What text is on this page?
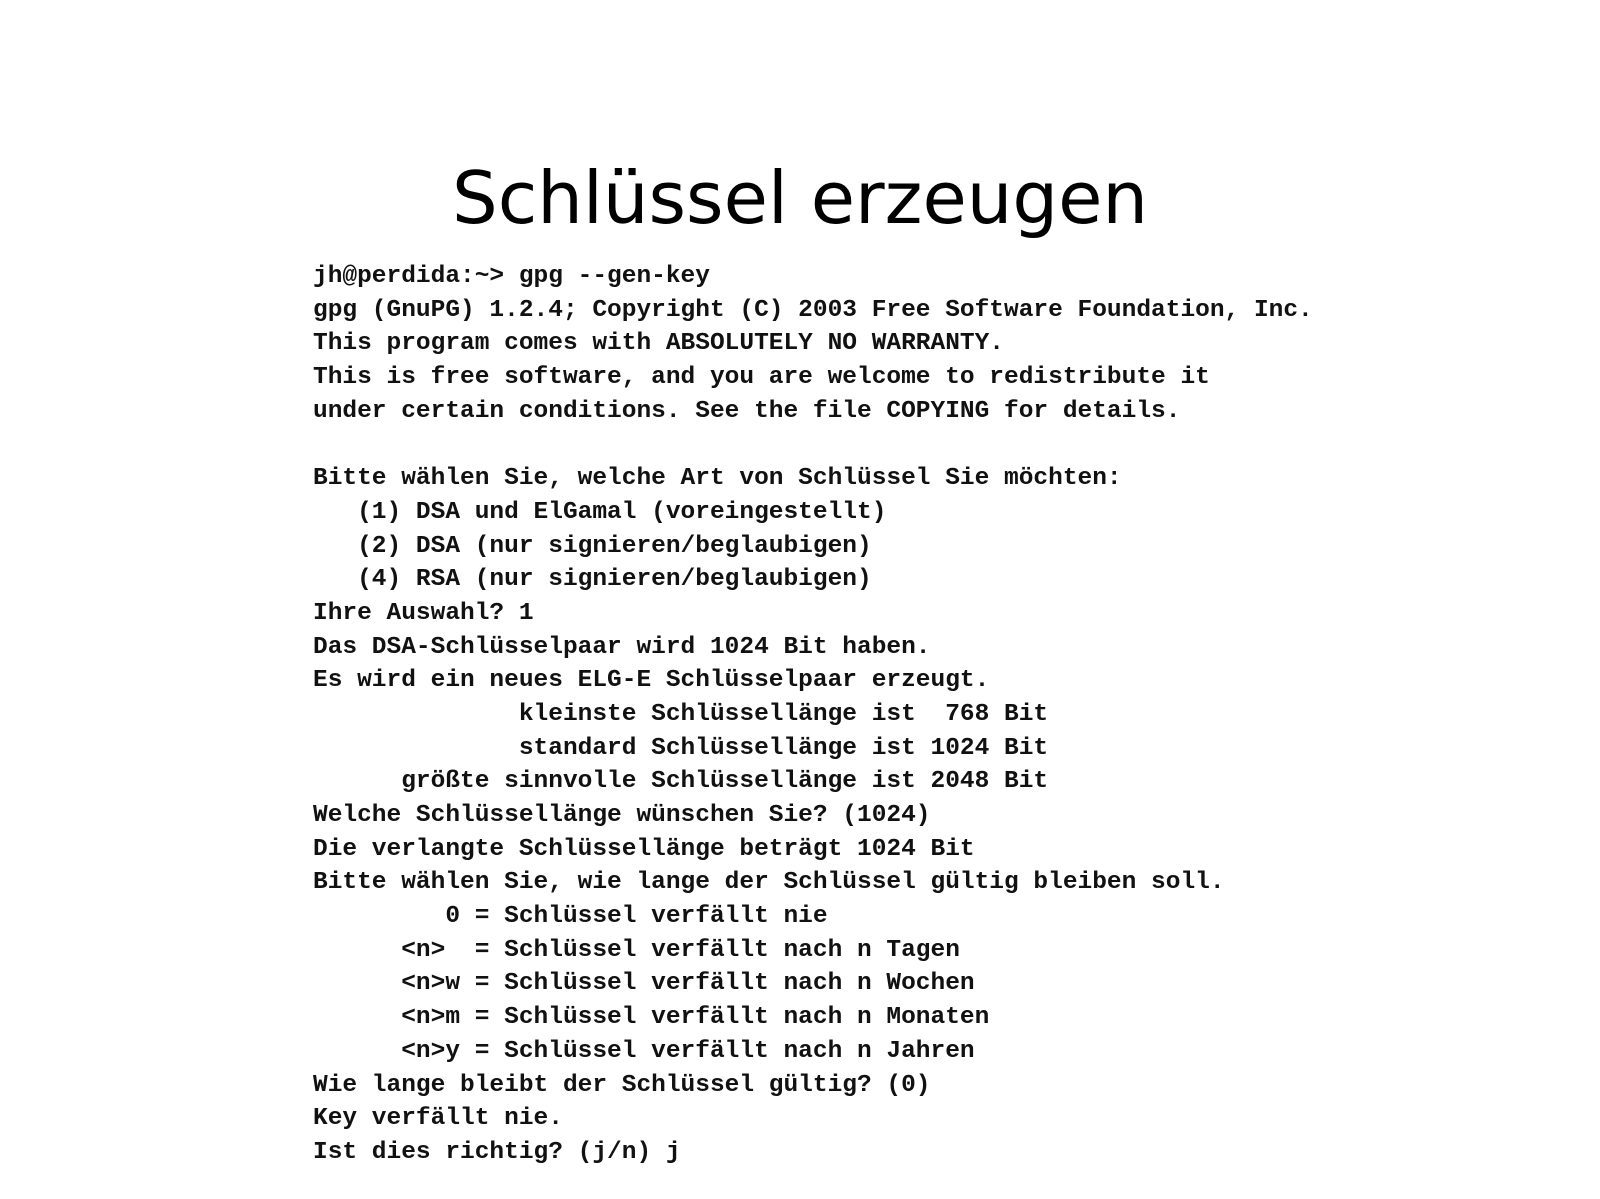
Schlüssel erzeugen
jh@perdida:~> gpg --gen-key
gpg (GnuPG) 1.2.4; Copyright (C) 2003 Free Software Foundation, Inc.
This program comes with ABSOLUTELY NO WARRANTY.
This is free software, and you are welcome to redistribute it
under certain conditions. See the file COPYING for details.
Bitte wählen Sie, welche Art von Schlüssel Sie möchten:
(1) DSA und ElGamal (voreingestellt)
(2) DSA (nur signieren/beglaubigen)
(4) RSA (nur signieren/beglaubigen)
Ihre Auswahl? 1
Das DSA-Schlüsselpaar wird 1024 Bit haben.
Es wird ein neues ELG-E Schlüsselpaar erzeugt.
kleinste Schlüssellänge ist  768 Bit
standard Schlüssellänge ist 1024 Bit
größte sinnvolle Schlüssellänge ist 2048 Bit
Welche Schlüssellänge wünschen Sie? (1024)
Die verlangte Schlüssellänge beträgt 1024 Bit
Bitte wählen Sie, wie lange der Schlüssel gültig bleiben soll.
0 = Schlüssel verfällt nie
<n>  = Schlüssel verfällt nach n Tagen
<n>w = Schlüssel verfällt nach n Wochen
<n>m = Schlüssel verfällt nach n Monaten
<n>y = Schlüssel verfällt nach n Jahren
Wie lange bleibt der Schlüssel gültig? (0)
Key verfällt nie.
Ist dies richtig? (j/n) j
